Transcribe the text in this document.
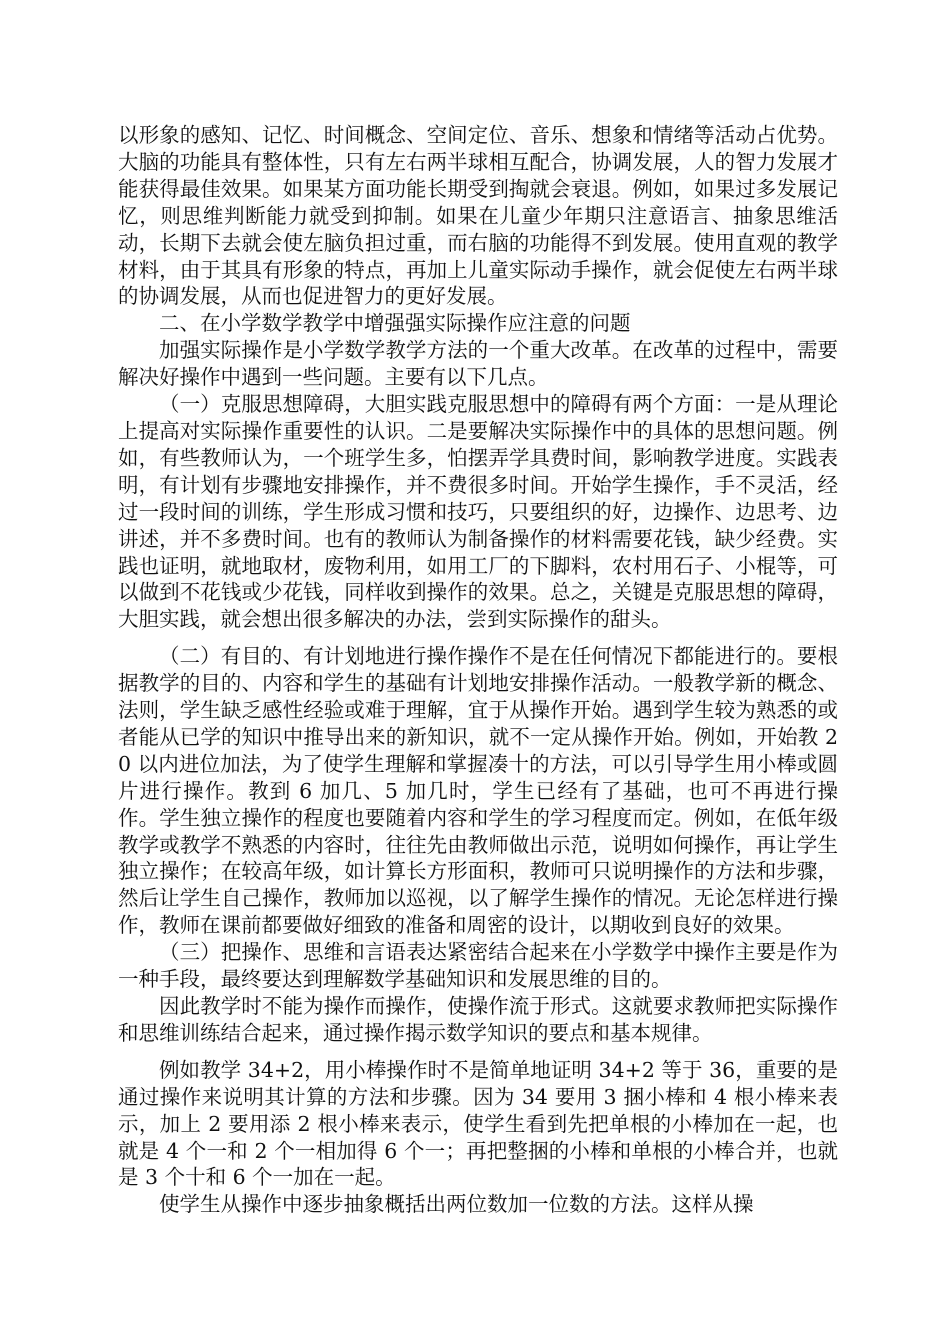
以形象的感知、记忆、时间概念、空间定位、音乐、想象和情绪等活动占优势。大脑的功能具有整体性，只有左右两半球相互配合，协调发展，人的智力发展才能获得最佳效果。如果某方面功能长期受到掏就会衰退。例如，如果过多发展记忆，则思维判断能力就受到抑制。如果在儿童少年期只注意语言、抽象思维活动，长期下去就会使左脑负担过重，而右脑的功能得不到发展。使用直观的教学材料，由于其具有形象的特点，再加上儿童实际动手操作，就会促使左右两半球的协调发展，从而也促进智力的更好发展。

二、在小学数学教学中增强强实际操作应注意的问题

加强实际操作是小学数学教学方法的一个重大改革。在改革的过程中，需要解决好操作中遇到一些问题。主要有以下几点。

（一）克服思想障碍，大胆实践克服思想中的障碍有两个方面：一是从理论上提高对实际操作重要性的认识。二是要解决实际操作中的具体的思想问题。例如，有些教师认为，一个班学生多，怕摆弄学具费时间，影响教学进度。实践表明，有计划有步骤地安排操作，并不费很多时间。开始学生操作，手不灵活，经过一段时间的训练，学生形成习惯和技巧，只要组织的好，边操作、边思考、边讲述，并不多费时间。也有的教师认为制备操作的材料需要花钱，缺少经费。实践也证明，就地取材，废物利用，如用工厂的下脚料，农村用石子、小棍等，可以做到不花钱或少花钱，同样收到操作的效果。总之，关键是克服思想的障碍，大胆实践，就会想出很多解决的办法，尝到实际操作的甜头。

（二）有目的、有计划地进行操作操作不是在任何情况下都能进行的。要根据教学的目的、内容和学生的基础有计划地安排操作活动。一般教学新的概念、法则，学生缺乏感性经验或难于理解，宜于从操作开始。遇到学生较为熟悉的或者能从已学的知识中推导出来的新知识，就不一定从操作开始。例如，开始教 20 以内进位加法，为了使学生理解和掌握凑十的方法，可以引导学生用小棒或圆片进行操作。教到 6 加几、5 加几时，学生已经有了基础，也可不再进行操作。学生独立操作的程度也要随着内容和学生的学习程度而定。例如，在低年级教学或教学不熟悉的内容时，往往先由教师做出示范，说明如何操作，再让学生独立操作；在较高年级，如计算长方形面积，教师可只说明操作的方法和步骤，然后让学生自己操作，教师加以巡视，以了解学生操作的情况。无论怎样进行操作，教师在课前都要做好细致的准备和周密的设计，以期收到良好的效果。

（三）把操作、思维和言语表达紧密结合起来在小学数学中操作主要是作为一种手段，最终要达到理解数学基础知识和发展思维的目的。

因此教学时不能为操作而操作，使操作流于形式。这就要求教师把实际操作和思维训练结合起来，通过操作揭示数学知识的要点和基本规律。

例如教学 34+2，用小棒操作时不是简单地证明 34+2 等于 36，重要的是通过操作来说明其计算的方法和步骤。因为 34 要用 3 捆小棒和 4 根小棒来表示，加上 2 要用添 2 根小棒来表示，使学生看到先把单根的小棒加在一起，也就是 4 个一和 2 个一相加得 6 个一；再把整捆的小棒和单根的小棒合并，也就是 3 个十和 6 个一加在一起。

使学生从操作中逐步抽象概括出两位数加一位数的方法。这样从操
